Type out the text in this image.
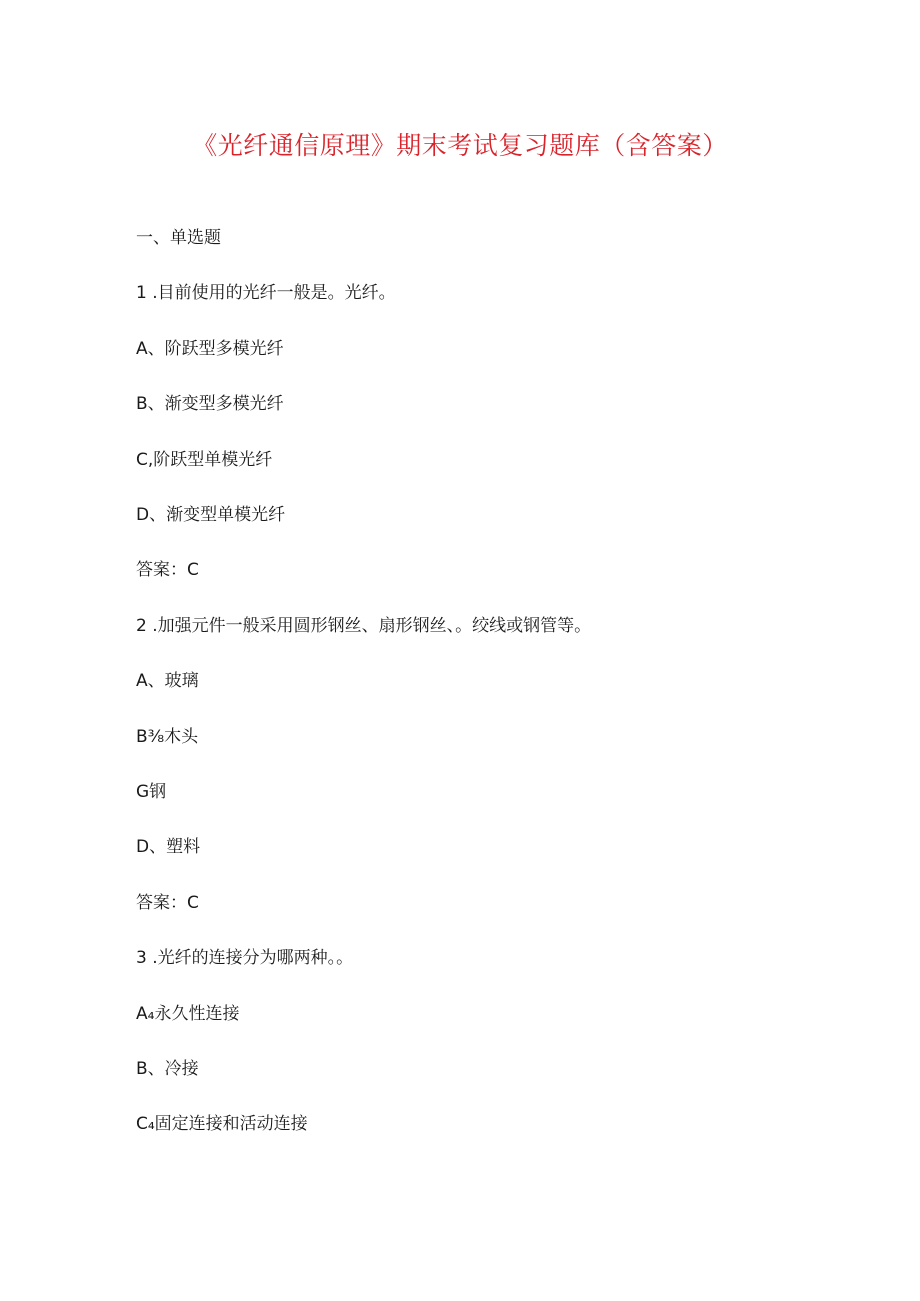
《光纤通信原理》期末考试复习题库（含答案）
一、单选题
1 .目前使用的光纤一般是。光纤。
A、阶跃型多模光纤
B、渐变型多模光纤
C,阶跃型单模光纤
D、渐变型单模光纤
答案：C
2 .加强元件一般采用圆形钢丝、扇形钢丝、。绞线或钢管等。
A、玻璃
B⅜木头
G钢
D、塑料
答案：C
3 .光纤的连接分为哪两种。。
A₄永久性连接
B、冷接
C₄固定连接和活动连接
